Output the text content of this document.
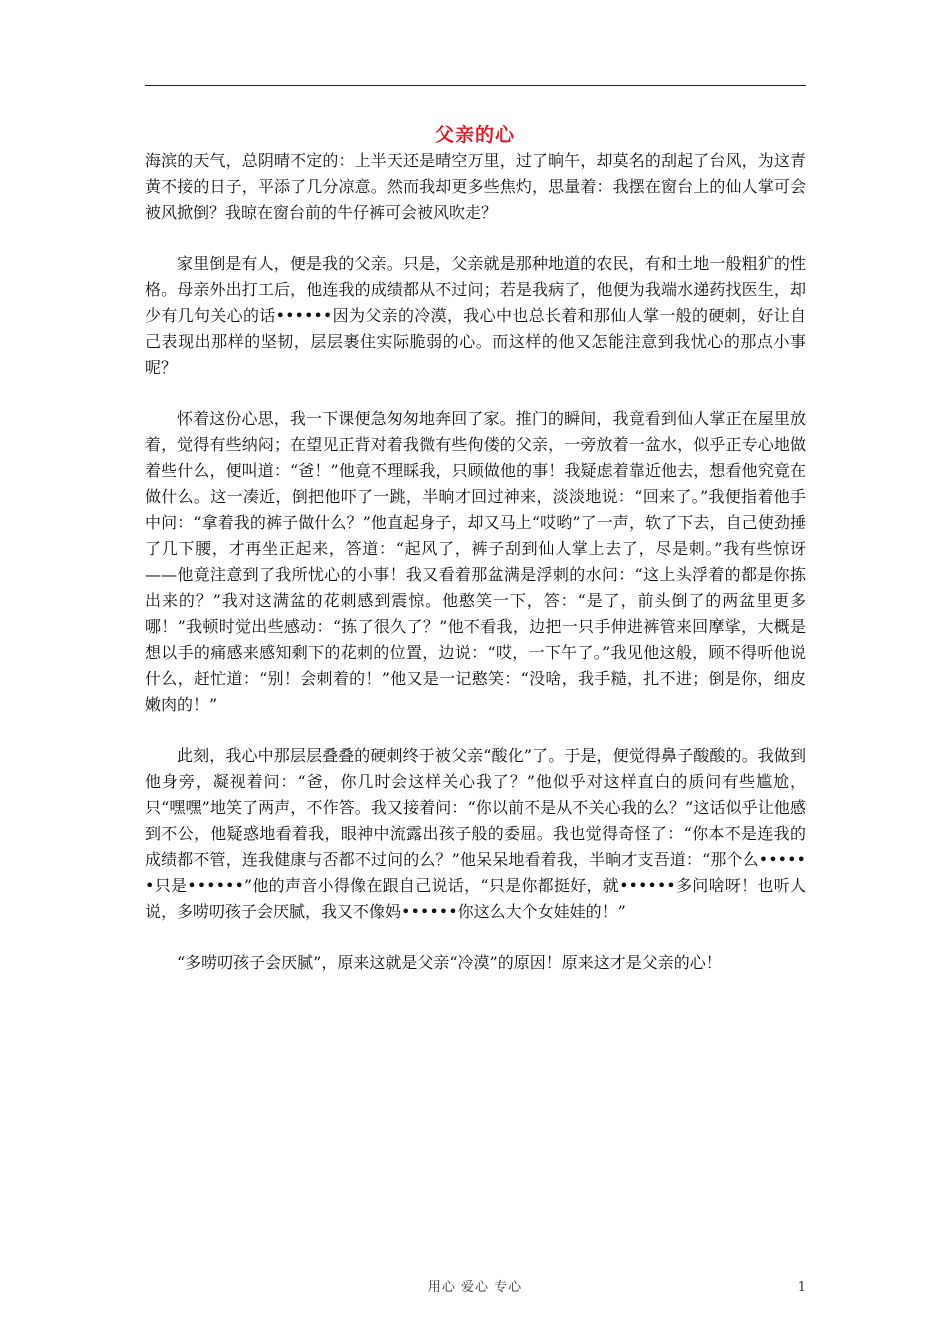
父亲的心

海滨的天气，总阴晴不定的：上半天还是晴空万里，过了晌午，却莫名的刮起了台风，为这青黄不接的日子，平添了几分凉意。然而我却更多些焦灼，思量着：我摆在窗台上的仙人掌可会被风掀倒？我晾在窗台前的牛仔裤可会被风吹走？

家里倒是有人，便是我的父亲。只是，父亲就是那种地道的农民，有和土地一般粗犷的性格。母亲外出打工后，他连我的成绩都从不过问；若是我病了，他便为我端水递药找医生，却少有几句关心的话••••••因为父亲的冷漠，我心中也总长着和那仙人掌一般的硬刺，好让自己表现出那样的坚韧，层层裹住实际脆弱的心。而这样的他又怎能注意到我忧心的那点小事呢？

怀着这份心思，我一下课便急匆匆地奔回了家。推门的瞬间，我竟看到仙人掌正在屋里放着，觉得有些纳闷；在望见正背对着我微有些佝偻的父亲，一旁放着一盆水，似乎正专心地做着些什么，便叫道：“爸！”他竟不理睬我，只顾做他的事！我疑虑着靠近他去，想看他究竟在做什么。这一凑近，倒把他吓了一跳，半晌才回过神来，淡淡地说：“回来了。”我便指着他手中问：“拿着我的裤子做什么？”他直起身子，却又马上“哎哟”了一声，软了下去，自己使劲捶了几下腰，才再坐正起来，答道：“起风了，裤子刮到仙人掌上去了，尽是刺。”我有些惊讶——他竟注意到了我所忧心的小事！我又看着那盆满是浮刺的水问：“这上头浮着的都是你拣出来的？”我对这满盆的花刺感到震惊。他憨笑一下，答：“是了，前头倒了的两盆里更多哪！”我顿时觉出些感动：“拣了很久了？”他不看我，边把一只手伸进裤管来回摩挲，大概是想以手的痛感来感知剩下的花刺的位置，边说：“哎，一下午了。”我见他这般，顾不得听他说什么，赶忙道：“别！会刺着的！”他又是一记憨笑：“没啥，我手糙，扎不进；倒是你，细皮嫩肉的！”

此刻，我心中那层层叠叠的硬刺终于被父亲“酸化”了。于是，便觉得鼻子酸酸的。我做到他身旁，凝视着问：“爸，你几时会这样关心我了？”他似乎对这样直白的质问有些尴尬，只“嘿嘿”地笑了两声，不作答。我又接着问：“你以前不是从不关心我的么？”这话似乎让他感到不公，他疑惑地看着我，眼神中流露出孩子般的委屈。我也觉得奇怪了：“你本不是连我的成绩都不管，连我健康与否都不过问的么？”他呆呆地看着我，半晌才支吾道：“那个么••••••只是••••••”他的声音小得像在跟自己说话，“只是你都挺好，就••••••多问啥呀！也听人说，多唠叨孩子会厌腻，我又不像妈••••••你这么大个女娃娃的！”

“多唠叨孩子会厌腻”，原来这就是父亲“冷漠”的原因！原来这才是父亲的心！

用心 爱心 专心	1
